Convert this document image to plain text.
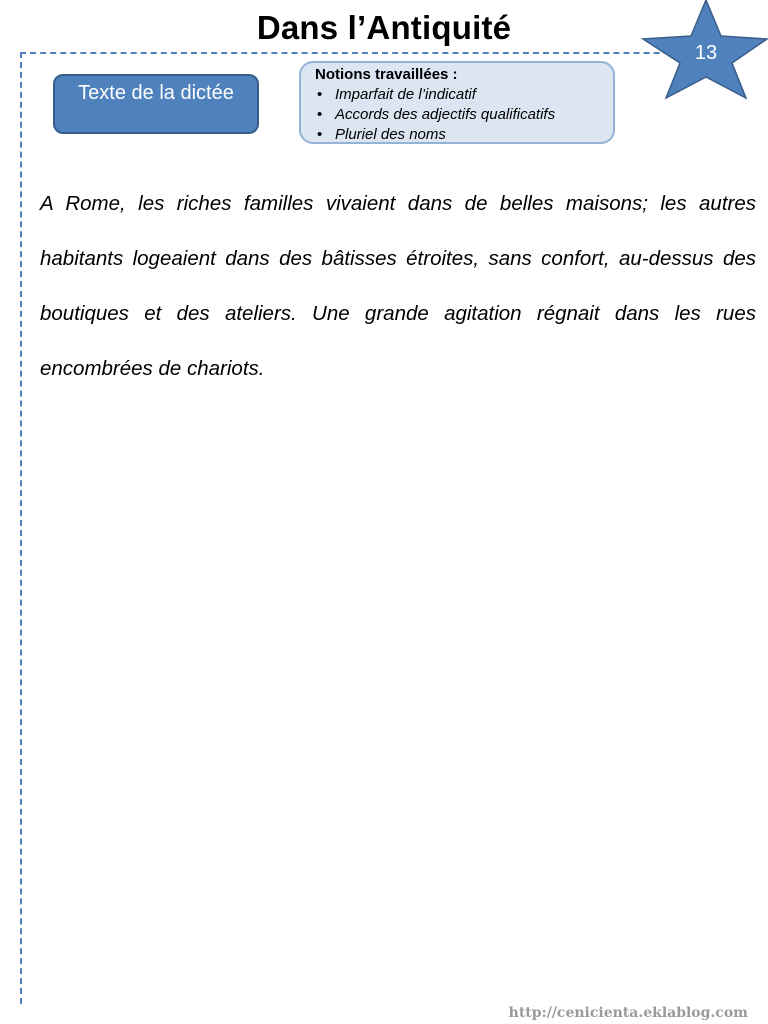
Dans l’Antiquité
13
Texte de la dictée
Notions travaillées :
• Imparfait de l’indicatif
• Accords des adjectifs qualificatifs
• Pluriel des noms

A Rome, les riches familles vivaient dans de belles maisons; les autres habitants logeaient dans des bâtisses étroites, sans confort, au-dessus des boutiques et des ateliers. Une grande agitation régnait dans les rues encombrées de chariots.

http://cenicienta.eklablog.com
